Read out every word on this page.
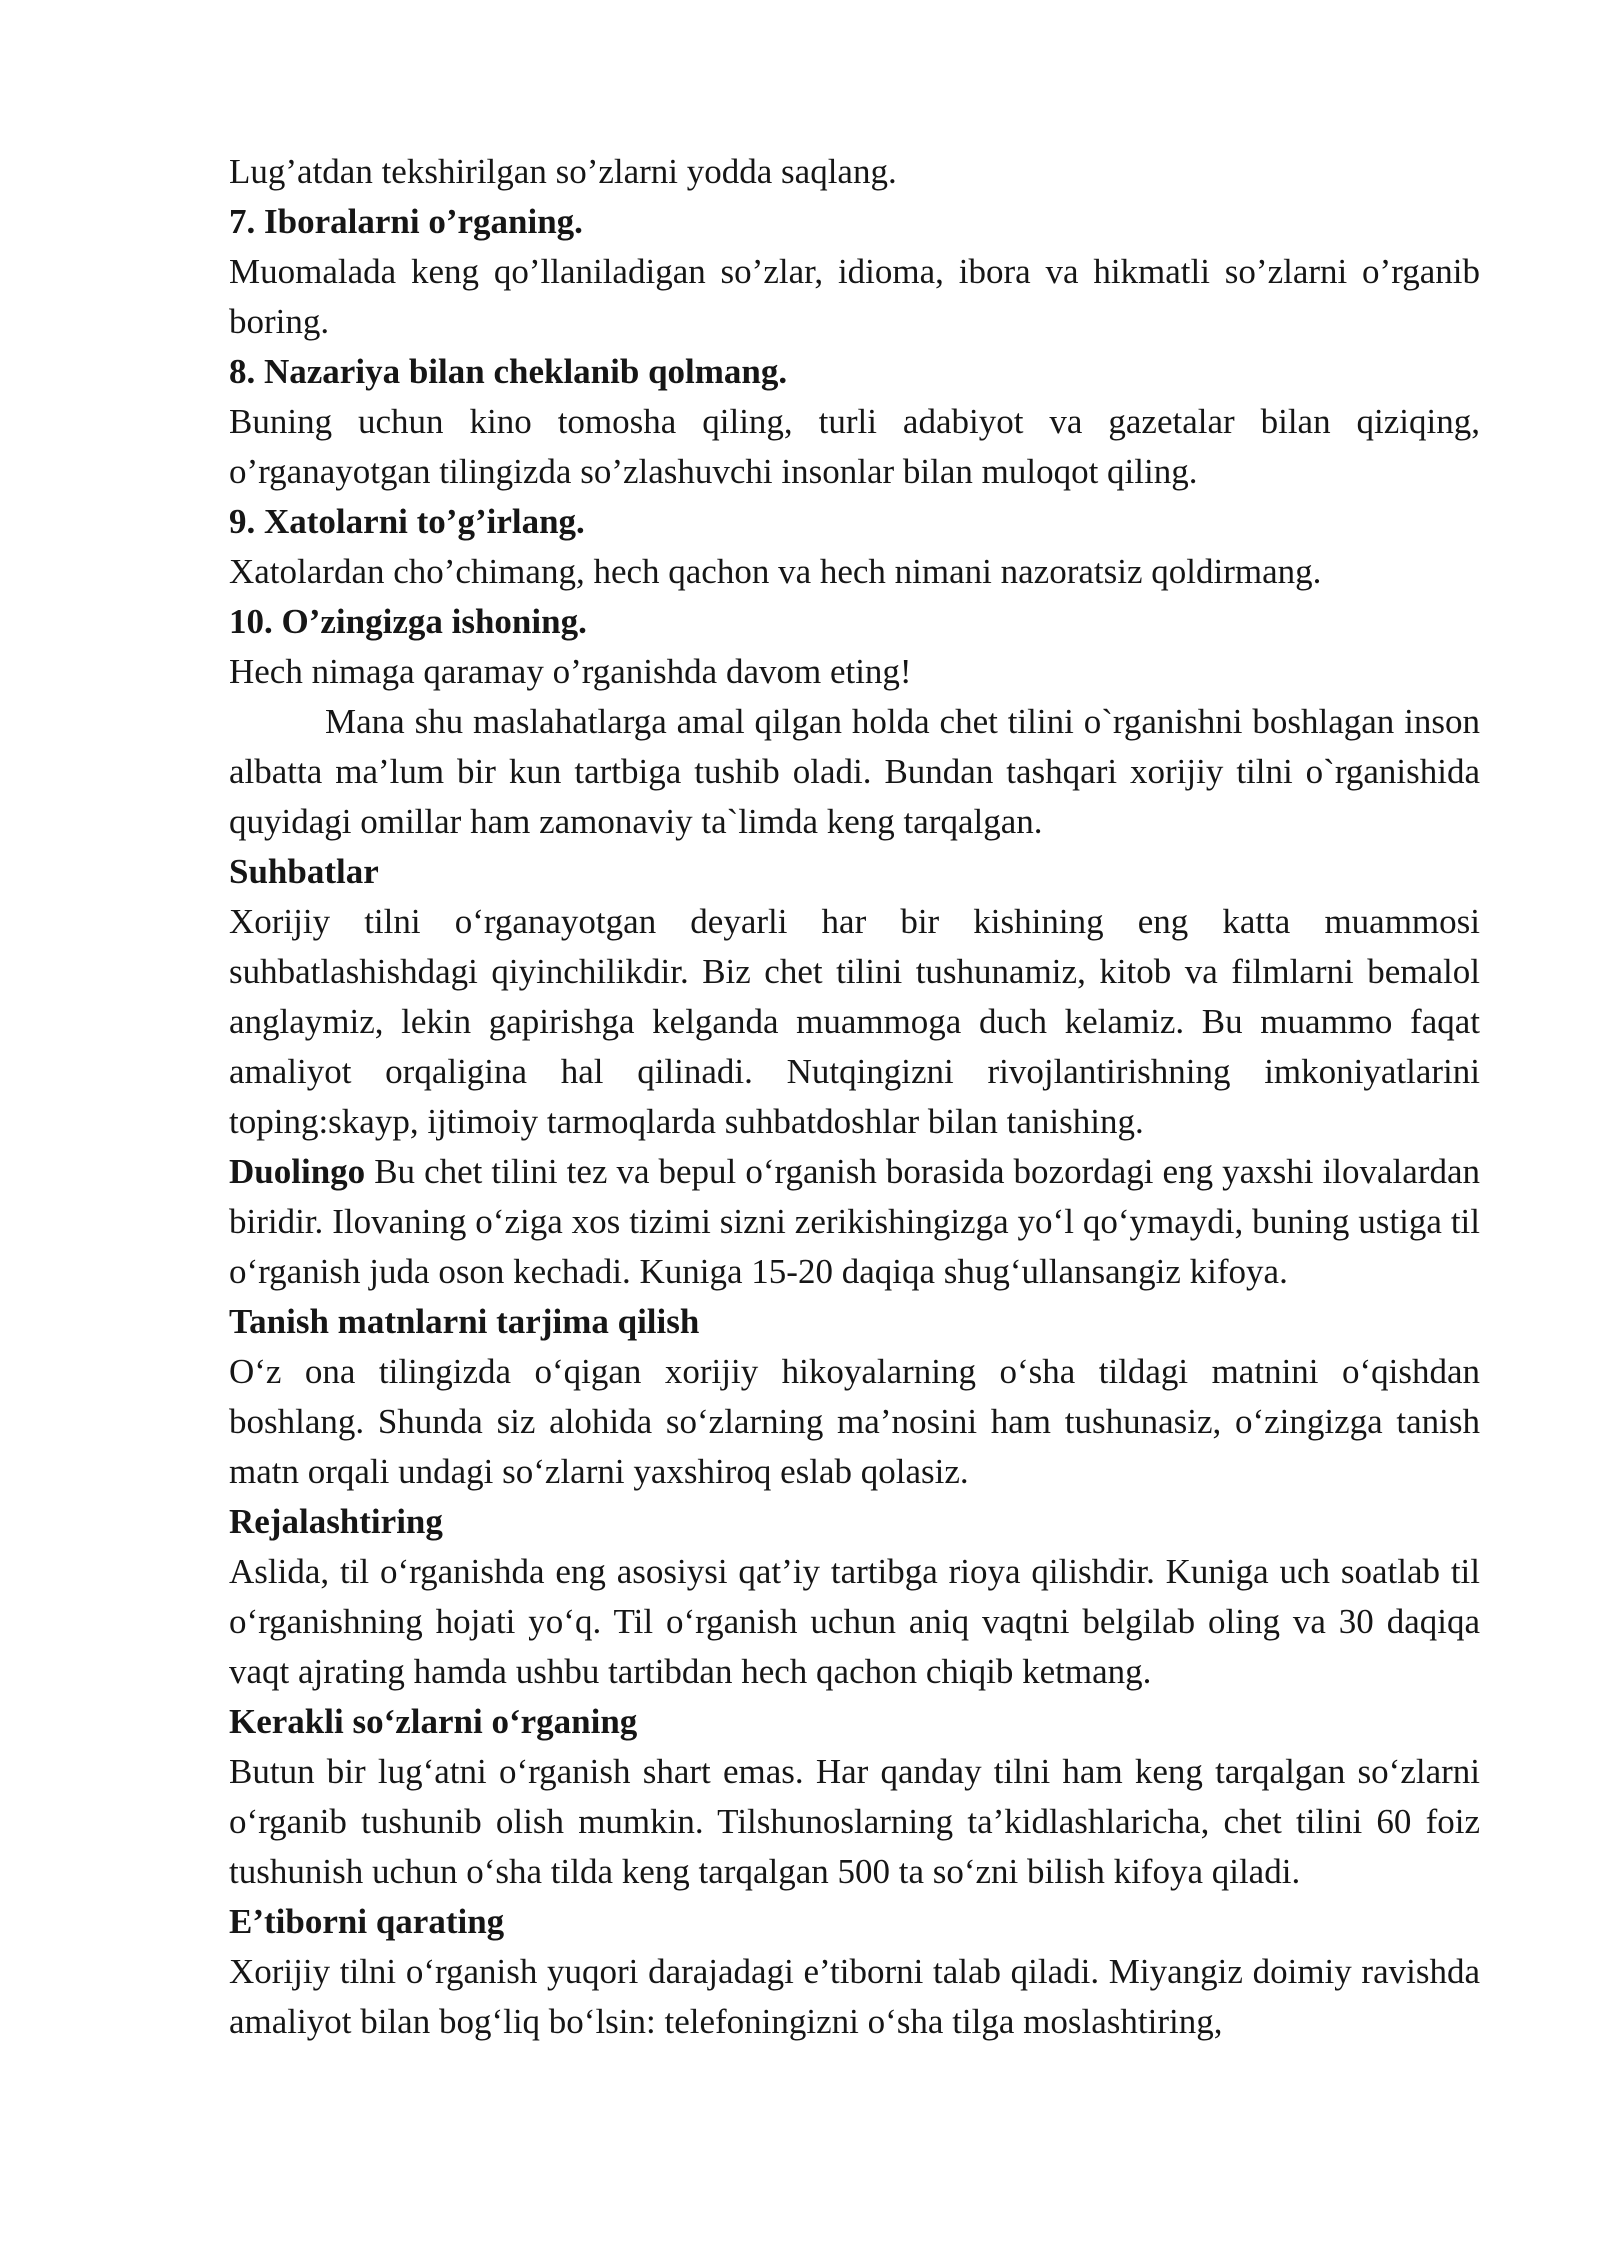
Lug’atdan tekshirilgan so’zlarni yodda saqlang.

7. Iboralarni o’rganing.

Muomalada keng qo’llaniladigan so’zlar, idioma, ibora va hikmatli so’zlarni o’rganib boring.

8. Nazariya bilan cheklanib qolmang.

Buning uchun kino tomosha qiling, turli adabiyot va gazetalar bilan qiziqing, o’rganayotgan tilingizda so’zlashuvchi insonlar bilan muloqot qiling.

9. Xatolarni to’g’irlang.

Xatolardan cho’chimang, hech qachon va hech nimani nazoratsiz qoldirmang.

10. O’zingizga ishoning.

Hech nimaga qaramay o’rganishda davom eting!

Mana shu maslahatlarga amal qilgan holda chet tilini o`rganishni boshlagan inson albatta ma’lum bir kun tartbiga tushib oladi. Bundan tashqari xorijiy tilni o`rganishida quyidagi omillar ham zamonaviy ta`limda keng tarqalgan.

Suhbatlar

Xorijiy tilni o‘rganayotgan deyarli har bir kishining eng katta muammosi suhbatlashishdagi qiyinchilikdir. Biz chet tilini tushunamiz, kitob va filmlarni bemalol anglaymiz, lekin gapirishga kelganda muammoga duch kelamiz. Bu muammo faqat amaliyot orqaligina hal qilinadi. Nutqingizni rivojlantirishning imkoniyatlarini toping:skayp, ijtimoiy tarmoqlarda suhbatdoshlar bilan tanishing.

Duolingo Bu chet tilini tez va bepul o‘rganish borasida bozordagi eng yaxshi ilovalardan biridir. Ilovaning o‘ziga xos tizimi sizni zerikishingizga yo‘l qo‘ymaydi, buning ustiga til o‘rganish juda oson kechadi. Kuniga 15-20 daqiqa shug‘ullansangiz kifoya.

Tanish matnlarni tarjima qilish

O‘z ona tilingizda o‘qigan xorijiy hikoyalarning o‘sha tildagi matnini o‘qishdan boshlang. Shunda siz alohida so‘zlarning ma’nosini ham tushunasiz, o‘zingizga tanish matn orqali undagi so‘zlarni yaxshiroq eslab qolasiz.

Rejalashtiring

Aslida, til o‘rganishda eng asosiysi qat’iy tartibga rioya qilishdir. Kuniga uch soatlab til o‘rganishning hojati yo‘q. Til o‘rganish uchun aniq vaqtni belgilab oling va 30 daqiqa vaqt ajrating hamda ushbu tartibdan hech qachon chiqib ketmang.

Kerakli so‘zlarni o‘rganing

Butun bir lug‘atni o‘rganish shart emas. Har qanday tilni ham keng tarqalgan so‘zlarni o‘rganib tushunib olish mumkin. Tilshunoslarning ta’kidlashlaricha, chet tilini 60 foiz tushunish uchun o‘sha tilda keng tarqalgan 500 ta so‘zni bilish kifoya qiladi.

E’tiborni qarating

Xorijiy tilni o‘rganish yuqori darajadagi e’tiborni talab qiladi. Miyangiz doimiy ravishda amaliyot bilan bog‘liq bo‘lsin: telefoningizni o‘sha tilga moslashtiring,
